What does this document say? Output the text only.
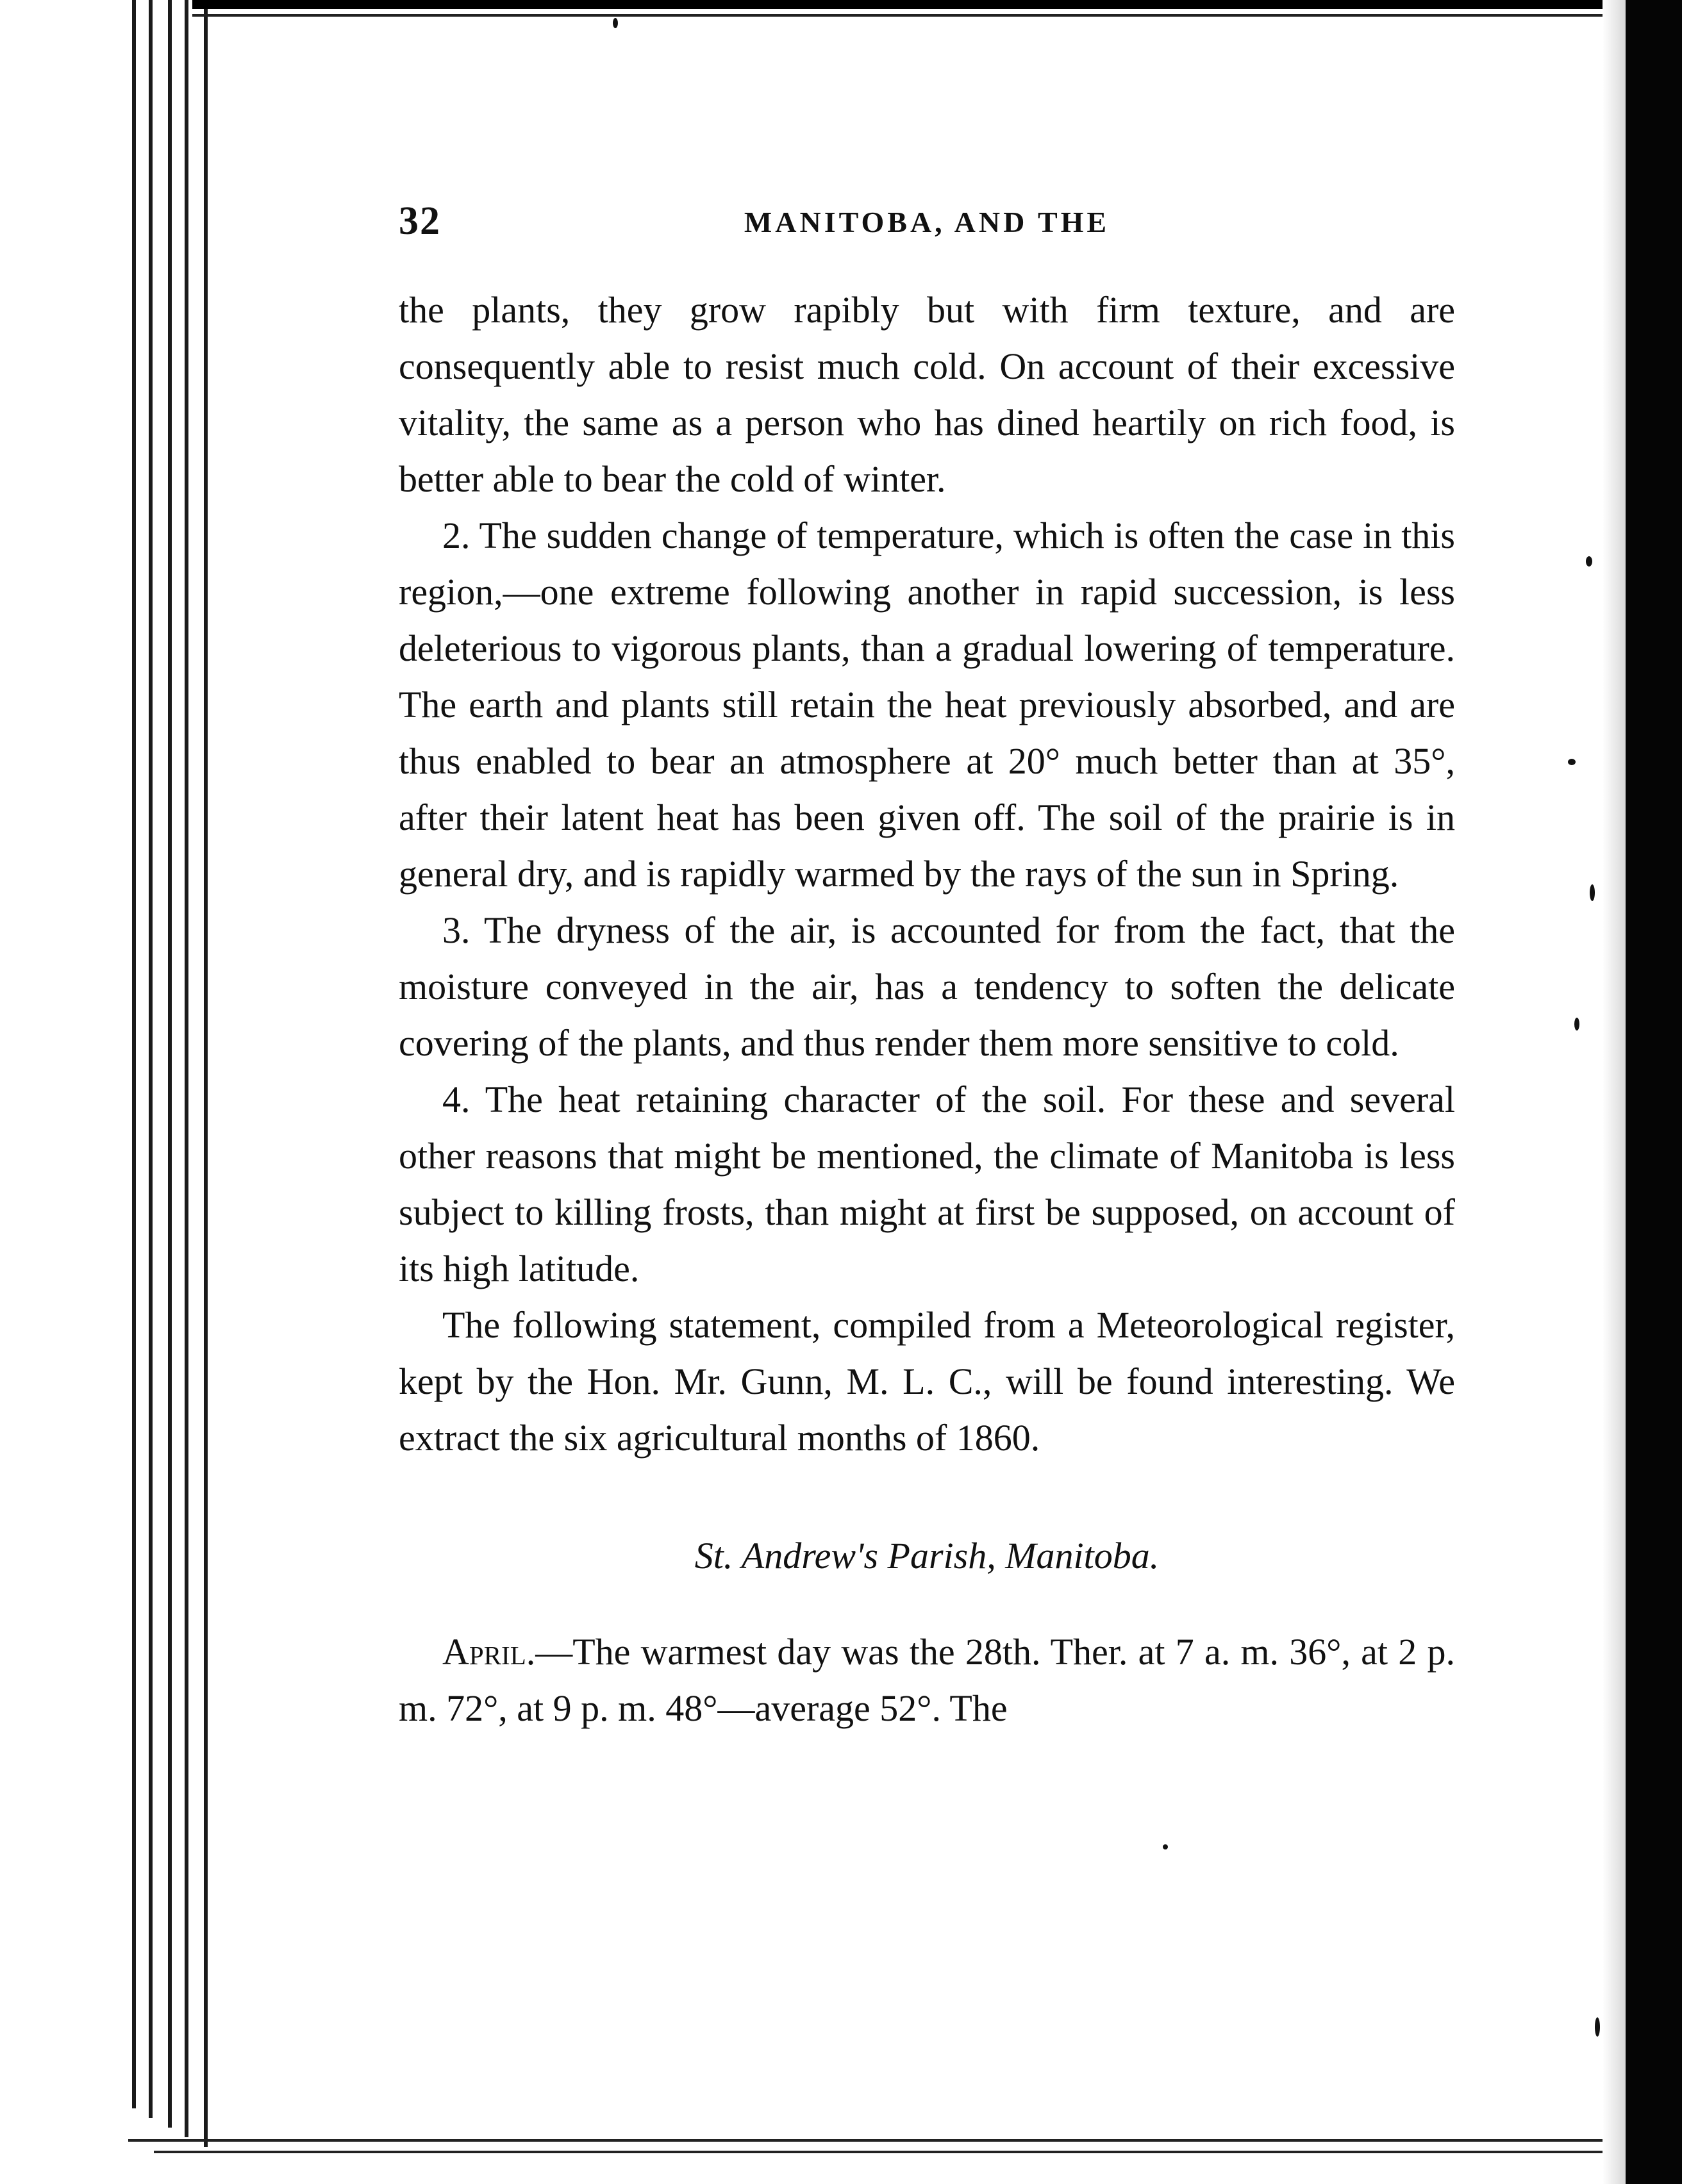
32	MANITOBA, AND THE

the plants, they grow rapibly but with firm texture, and are consequently able to resist much cold. On account of their excessive vitality, the same as a person who has dined heartily on rich food, is better able to bear the cold of winter.

2. The sudden change of temperature, which is often the case in this region,—one extreme following another in rapid succession, is less deleterious to vigorous plants, than a gradual lowering of temperature. The earth and plants still retain the heat previously absorbed, and are thus enabled to bear an atmosphere at 20° much better than at 35°, after their latent heat has been given off. The soil of the prairie is in general dry, and is rapidly warmed by the rays of the sun in Spring.

3. The dryness of the air, is accounted for from the fact, that the moisture conveyed in the air, has a tendency to soften the delicate covering of the plants, and thus render them more sensitive to cold.

4. The heat retaining character of the soil. For these and several other reasons that might be mentioned, the climate of Manitoba is less subject to killing frosts, than might at first be supposed, on account of its high latitude.

The following statement, compiled from a Meteorological register, kept by the Hon. Mr. Gunn, M. L. C., will be found interesting. We extract the six agricultural months of 1860.

St. Andrew's Parish, Manitoba.

April.—The warmest day was the 28th. Ther. at 7 a. m. 36°, at 2 p. m. 72°, at 9 p. m. 48°—average 52°. The
